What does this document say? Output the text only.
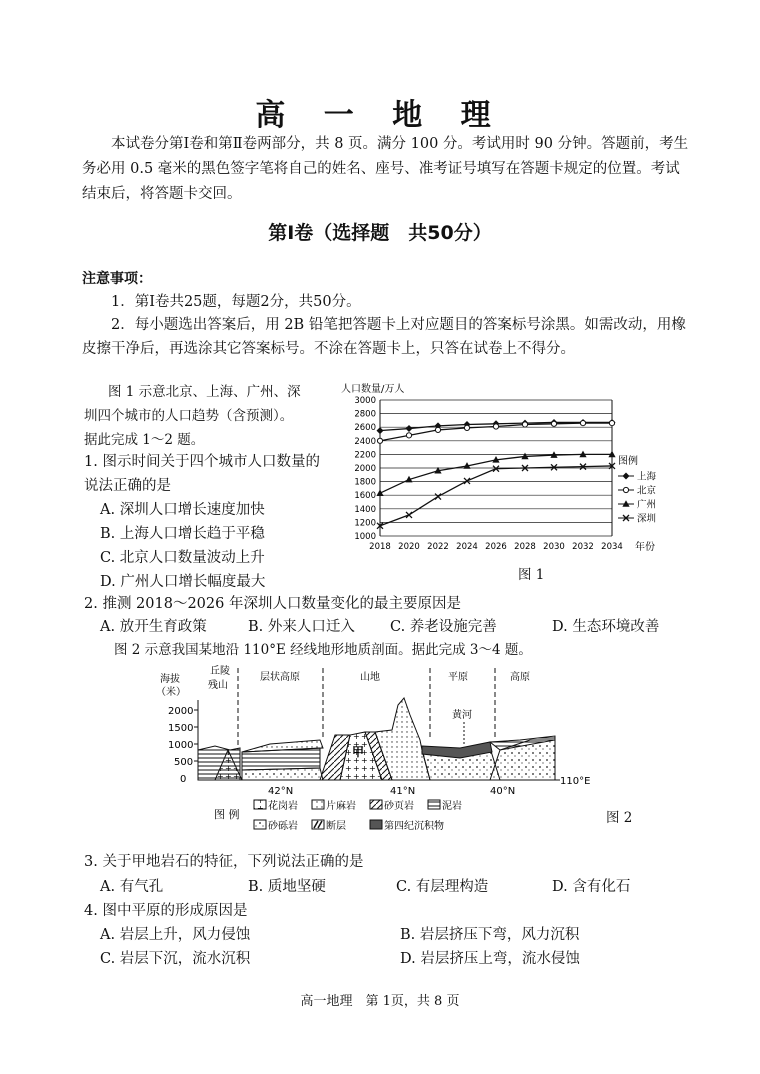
高 一 地 理
本试卷分第Ⅰ卷和第Ⅱ卷两部分，共 8 页。满分 100 分。考试用时 90 分钟。答题前，考生务必用 0.5 毫米的黑色签字笔将自己的姓名、座号、准考证号填写在答题卡规定的位置。考试结束后，将答题卡交回。
第Ⅰ卷（选择题　共50分）
注意事项：
1．第Ⅰ卷共25题，每题2分，共50分。
2．每小题选出答案后，用 2B 铅笔把答题卡上对应题目的答案标号涂黑。如需改动，用橡皮擦干净后，再选涂其它答案标号。不涂在答题卡上，只答在试卷上不得分。
图 1 示意北京、上海、广州、深
圳四个城市的人口趋势（含预测）。
据此完成 1～2 题。
1. 图示时间关于四个城市人口数量的
说法正确的是
A. 深圳人口增长速度加快
B. 上海人口增长趋于平稳
C. 北京人口数量波动上升
D. 广州人口增长幅度最大
人口数量/万人
1000
1200
1400
1600
1800
2000
2200
2400
2600
2800
3000
2018 2020 2022 2024 2026 2028 2030 2032 2034 年份
图例
上海
北京
广州
深圳
图 1
2. 推测 2018～2026 年深圳人口数量变化的最主要原因是
A. 放开生育政策	B. 外来人口迁入 C. 养老设施完善	D. 生态环境改善
图 2 示意我国某地沿 110°E 经线地形地质剖面。据此完成 3～4 题。
海拔
（米）
2000
1500
1000
500
0	110°E
丘陵
残山
层状高原	山地	平原	高原
甲
黄河
42°N	41°N	40°N
图 例
花岗岩	片麻岩	砂页岩	泥岩
砂砾岩	断层	第四纪沉积物
图 2
3. 关于甲地岩石的特征，下列说法正确的是
A. 有气孔	B. 质地坚硬	C. 有层理构造	D. 含有化石
4. 图中平原的形成原因是
A. 岩层上升，风力侵蚀	B. 岩层挤压下弯，风力沉积
C. 岩层下沉，流水沉积	D. 岩层挤压上弯，流水侵蚀
高一地理　第 1页，共 8 页
